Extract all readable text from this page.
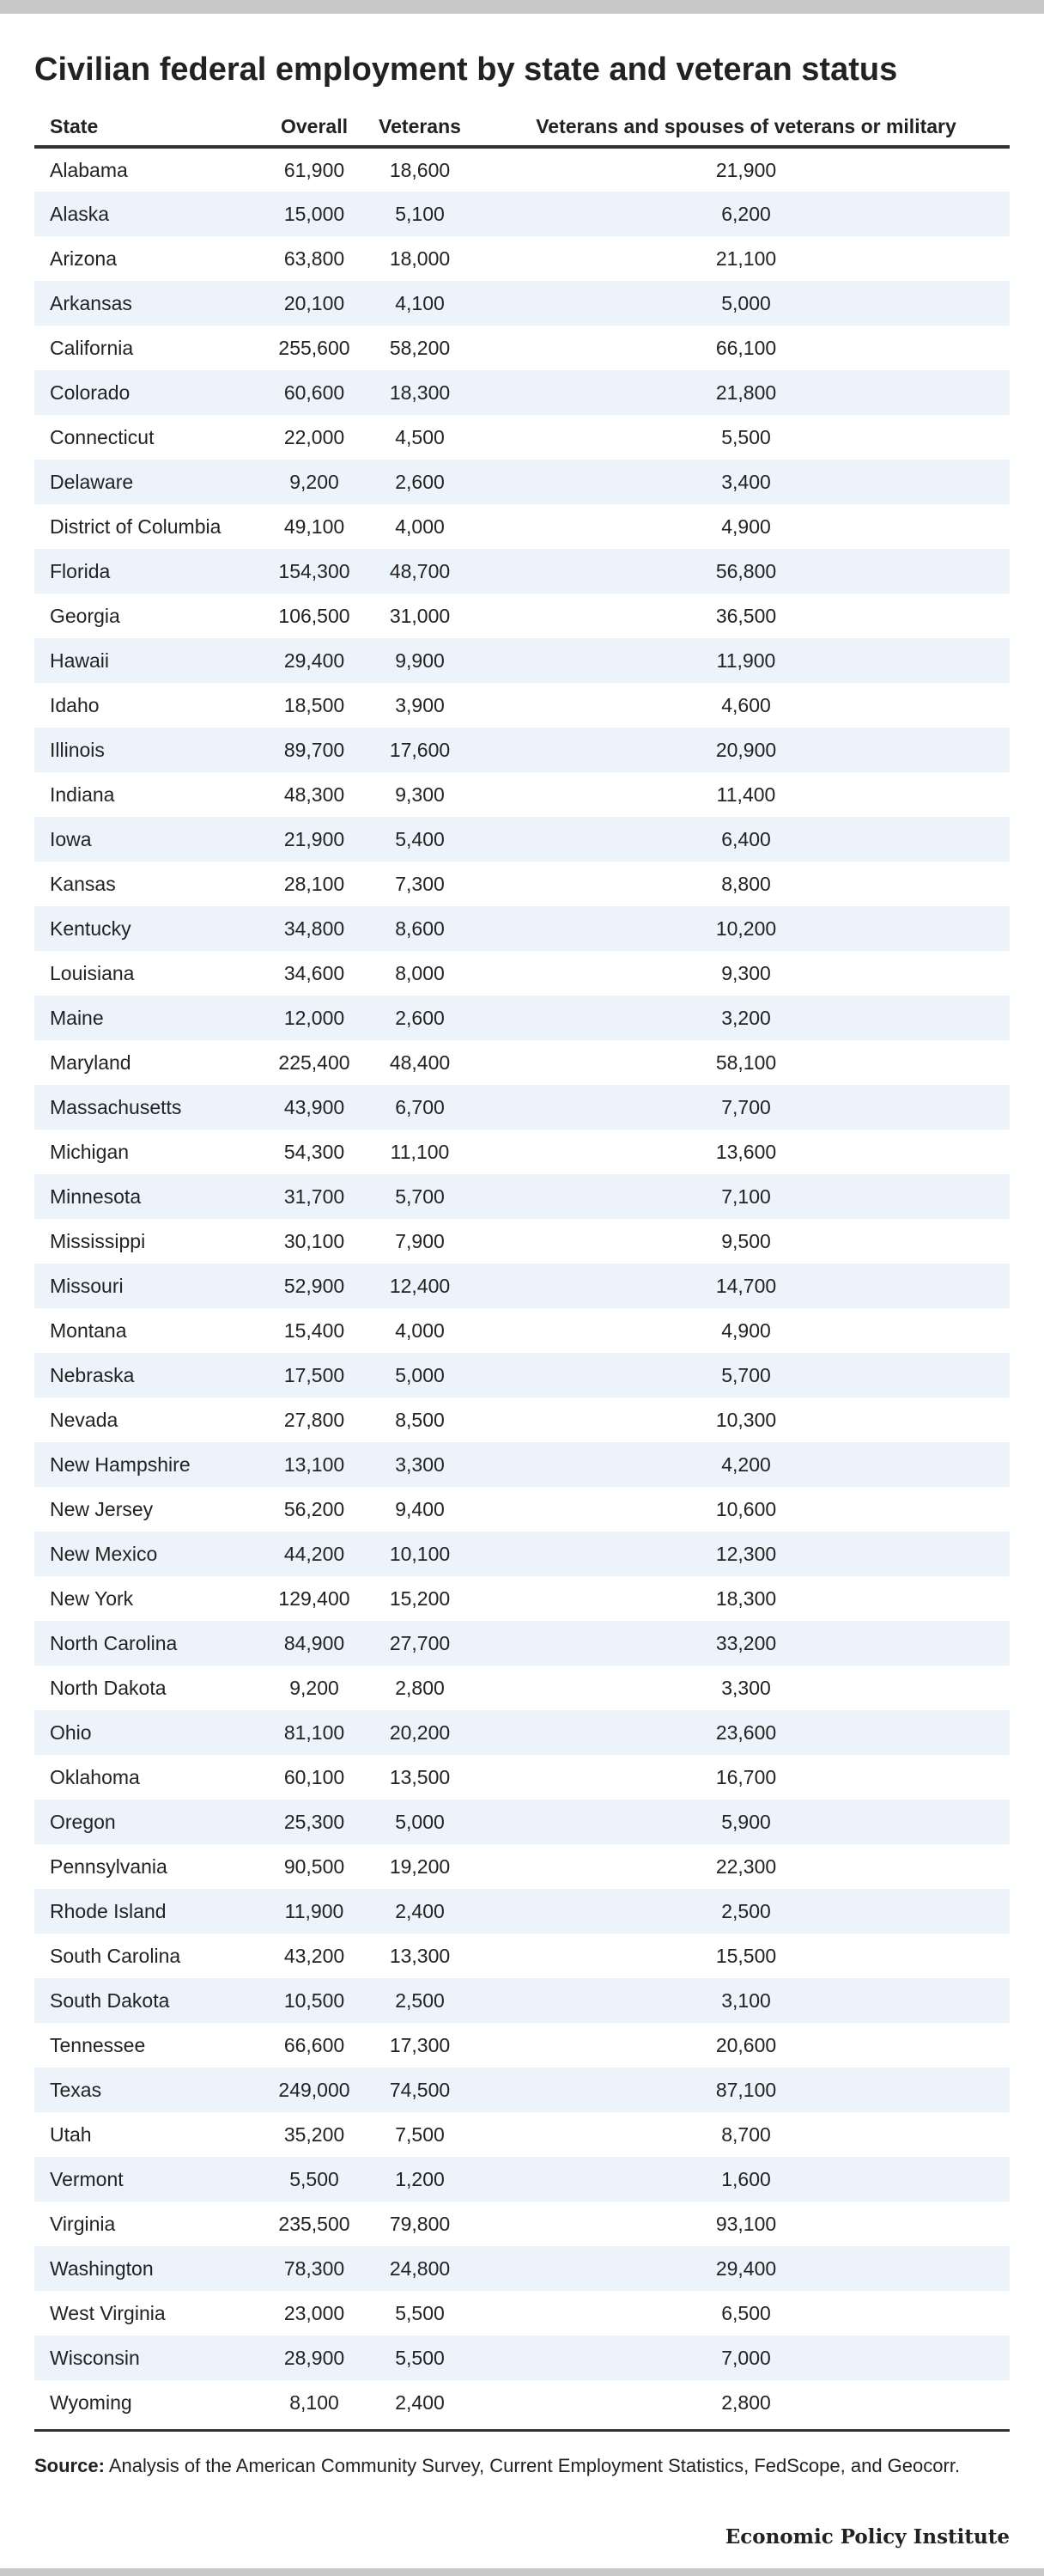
Civilian federal employment by state and veteran status
State	Overall	Veterans	Veterans and spouses of veterans or military
Alabama	61,900	18,600	21,900
Alaska	15,000	5,100	6,200
Arizona	63,800	18,000	21,100
Arkansas	20,100	4,100	5,000
California	255,600	58,200	66,100
Colorado	60,600	18,300	21,800
Connecticut	22,000	4,500	5,500
Delaware	9,200	2,600	3,400
District of Columbia	49,100	4,000	4,900
Florida	154,300	48,700	56,800
Georgia	106,500	31,000	36,500
Hawaii	29,400	9,900	11,900
Idaho	18,500	3,900	4,600
Illinois	89,700	17,600	20,900
Indiana	48,300	9,300	11,400
Iowa	21,900	5,400	6,400
Kansas	28,100	7,300	8,800
Kentucky	34,800	8,600	10,200
Louisiana	34,600	8,000	9,300
Maine	12,000	2,600	3,200
Maryland	225,400	48,400	58,100
Massachusetts	43,900	6,700	7,700
Michigan	54,300	11,100	13,600
Minnesota	31,700	5,700	7,100
Mississippi	30,100	7,900	9,500
Missouri	52,900	12,400	14,700
Montana	15,400	4,000	4,900
Nebraska	17,500	5,000	5,700
Nevada	27,800	8,500	10,300
New Hampshire	13,100	3,300	4,200
New Jersey	56,200	9,400	10,600
New Mexico	44,200	10,100	12,300
New York	129,400	15,200	18,300
North Carolina	84,900	27,700	33,200
North Dakota	9,200	2,800	3,300
Ohio	81,100	20,200	23,600
Oklahoma	60,100	13,500	16,700
Oregon	25,300	5,000	5,900
Pennsylvania	90,500	19,200	22,300
Rhode Island	11,900	2,400	2,500
South Carolina	43,200	13,300	15,500
South Dakota	10,500	2,500	3,100
Tennessee	66,600	17,300	20,600
Texas	249,000	74,500	87,100
Utah	35,200	7,500	8,700
Vermont	5,500	1,200	1,600
Virginia	235,500	79,800	93,100
Washington	78,300	24,800	29,400
West Virginia	23,000	5,500	6,500
Wisconsin	28,900	5,500	7,000
Wyoming	8,100	2,400	2,800

Source: Analysis of the American Community Survey, Current Employment Statistics, FedScope, and Geocorr.

Economic Policy Institute
